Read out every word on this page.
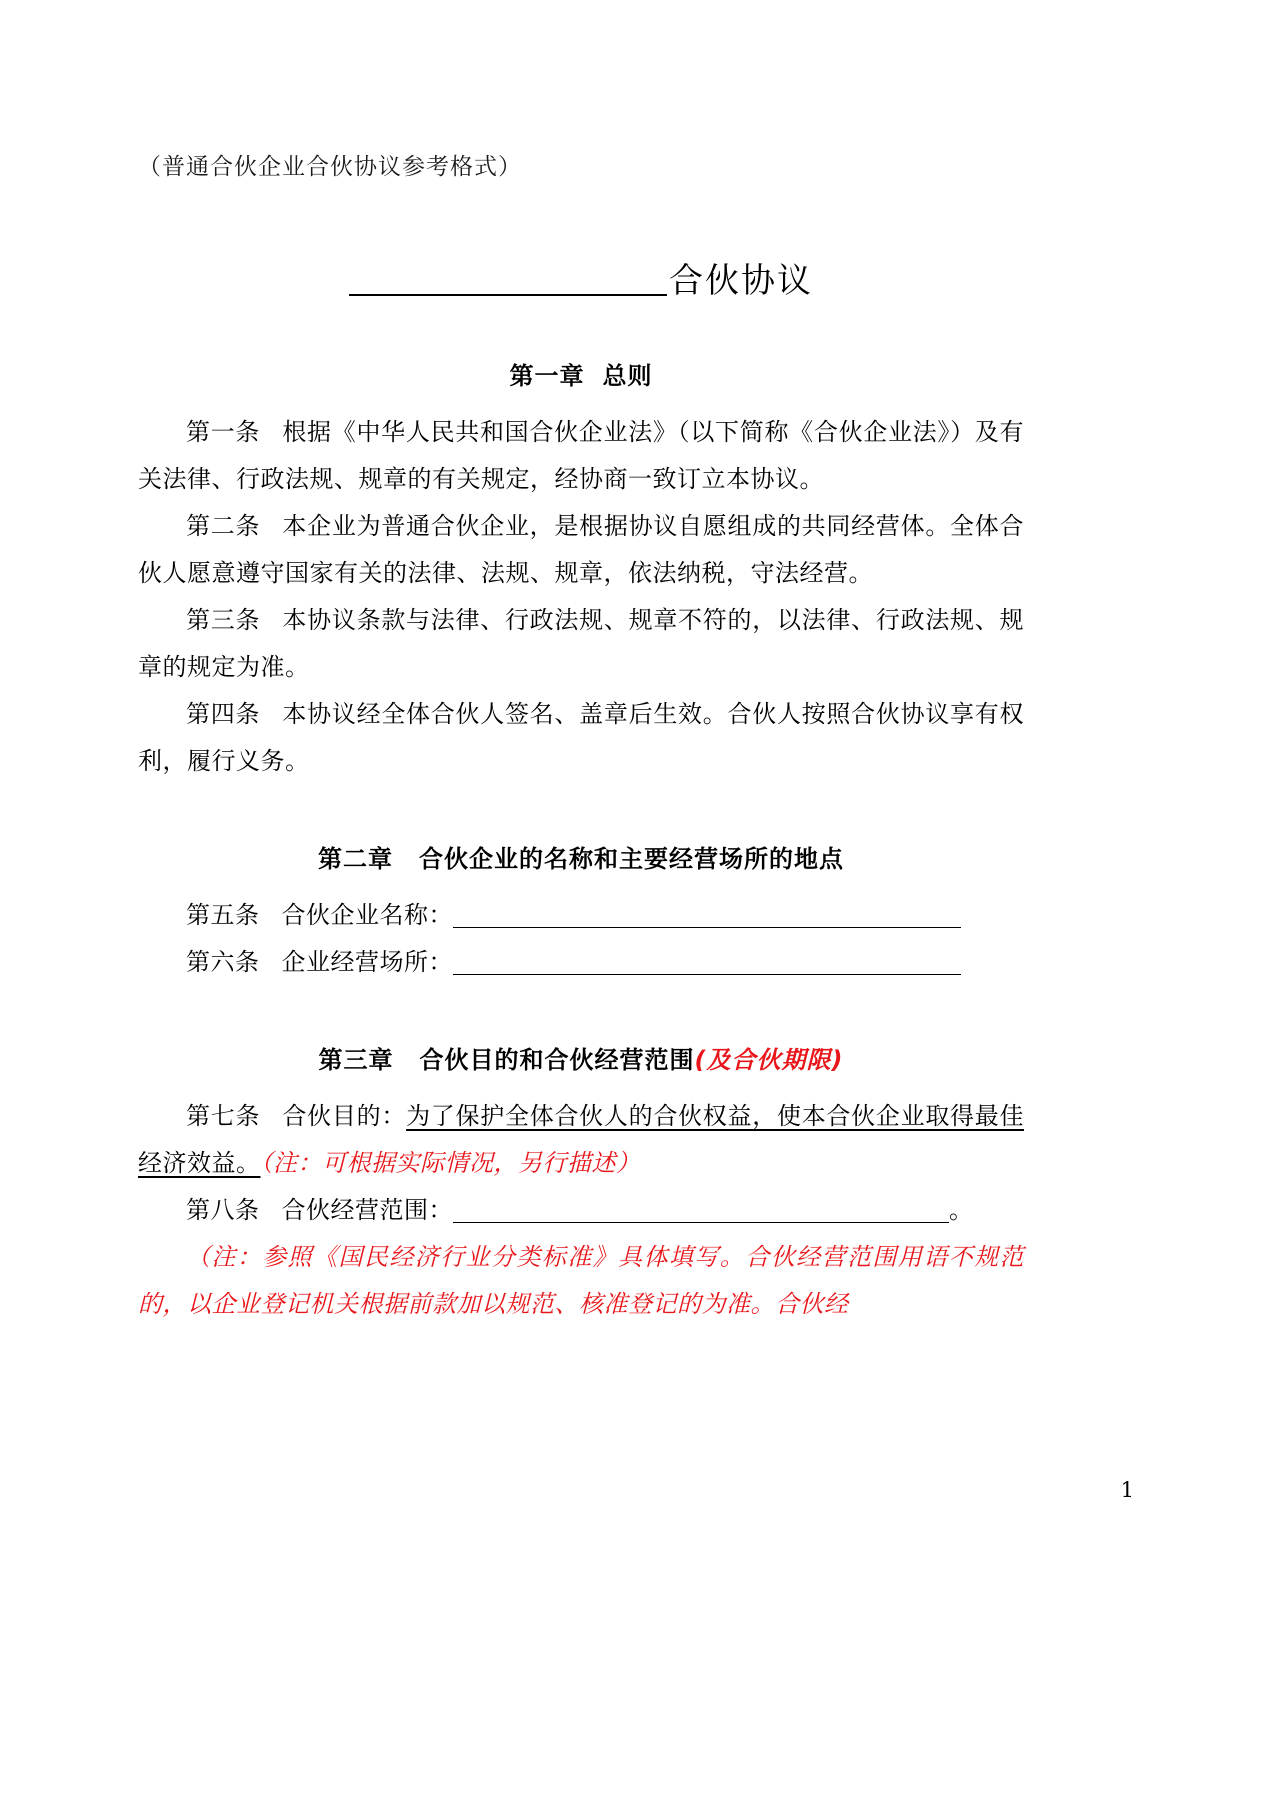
（普通合伙企业合伙协议参考格式）
合伙协议
第一章 总则
第一条 根据《中华人民共和国合伙企业法》（以下简称《合伙企业法》）及有关法律、行政法规、规章的有关规定，经协商一致订立本协议。
第二条 本企业为普通合伙企业，是根据协议自愿组成的共同经营体。全体合伙人愿意遵守国家有关的法律、法规、规章，依法纳税，守法经营。
第三条 本协议条款与法律、行政法规、规章不符的，以法律、行政法规、规章的规定为准。
第四条 本协议经全体合伙人签名、盖章后生效。合伙人按照合伙协议享有权利，履行义务。
第二章 合伙企业的名称和主要经营场所的地点
第五条 合伙企业名称：
第六条 企业经营场所：
第三章 合伙目的和合伙经营范围(及合伙期限)
第七条 合伙目的：为了保护全体合伙人的合伙权益，使本合伙企业取得最佳经济效益。（注：可根据实际情况，另行描述）
第八条 合伙经营范围：	。
（注：参照《国民经济行业分类标准》具体填写。合伙经营范围用语不规范的，以企业登记机关根据前款加以规范、核准登记的为准。合伙经
1
